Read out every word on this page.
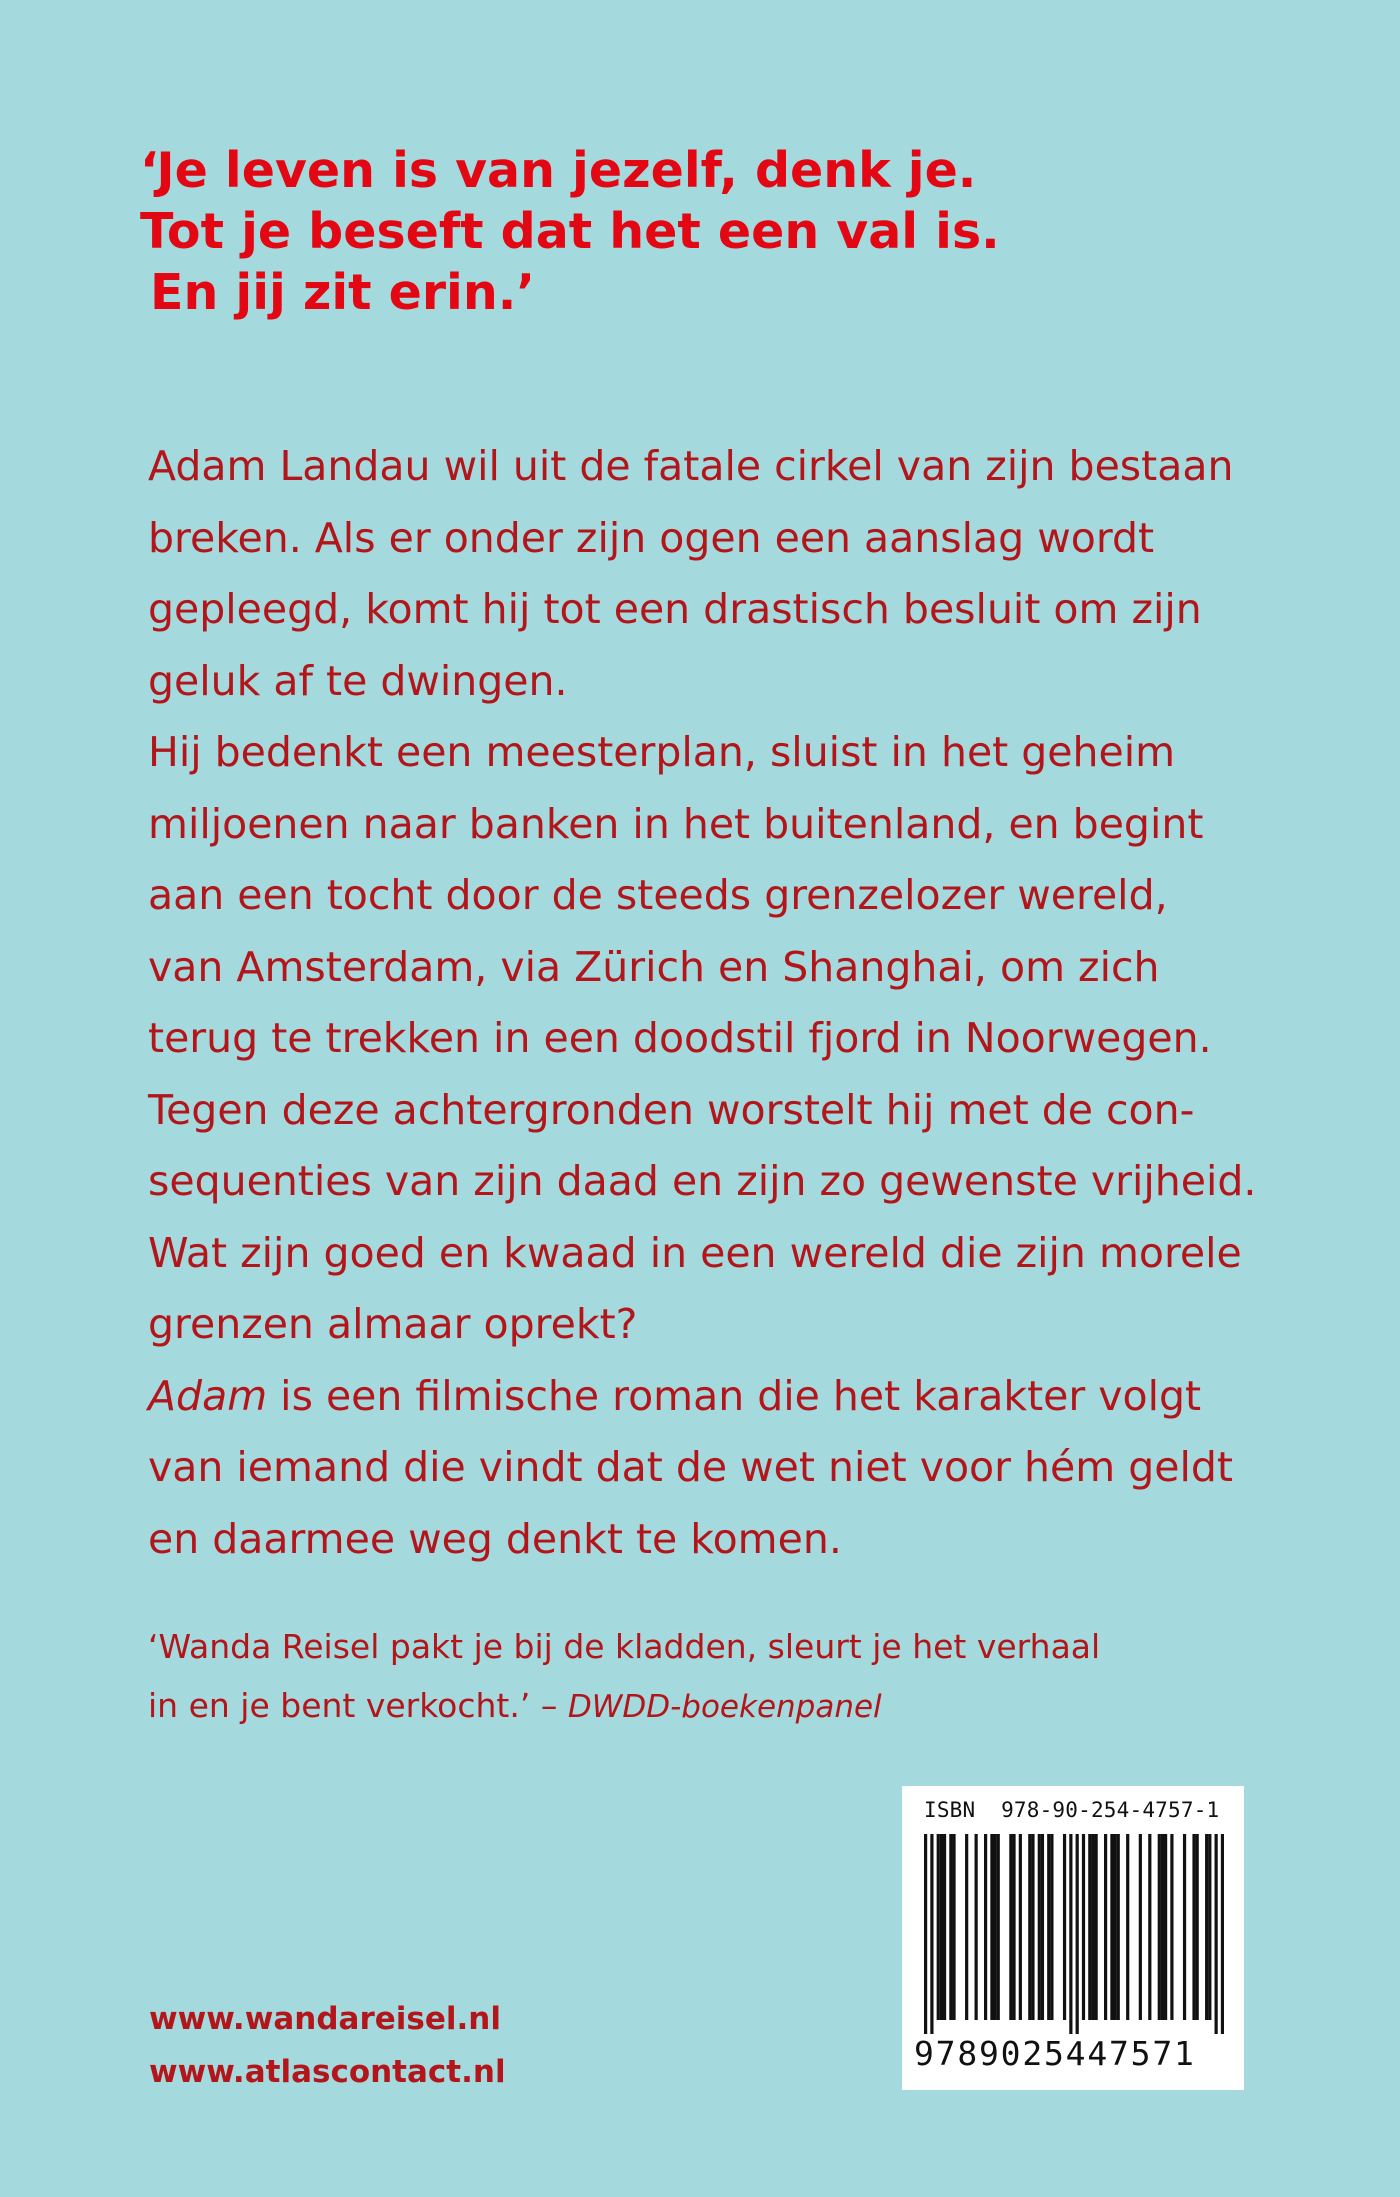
‘Je leven is van jezelf, denk je.
Tot je beseft dat het een val is.
En jij zit erin.’
Adam Landau wil uit de fatale cirkel van zijn bestaan
breken. Als er onder zijn ogen een aanslag wordt
gepleegd, komt hij tot een drastisch besluit om zijn
geluk af te dwingen.
Hij bedenkt een meesterplan, sluist in het geheim
miljoenen naar banken in het buitenland, en begint
aan een tocht door de steeds grenzelozer wereld,
van Amsterdam, via Zürich en Shanghai, om zich
terug te trekken in een doodstil fjord in Noorwegen.
Tegen deze achtergronden worstelt hij met de con-
sequenties van zijn daad en zijn zo gewenste vrijheid.
Wat zijn goed en kwaad in een wereld die zijn morele
grenzen almaar oprekt?
Adam is een filmische roman die het karakter volgt
van iemand die vindt dat de wet niet voor hém geldt
en daarmee weg denkt te komen.
‘Wanda Reisel pakt je bij de kladden, sleurt je het verhaal
in en je bent verkocht.’ – DWDD-boekenpanel
www.wandareisel.nl
www.atlascontact.nl
ISBN 978-90-254-4757-1
9789025447571
